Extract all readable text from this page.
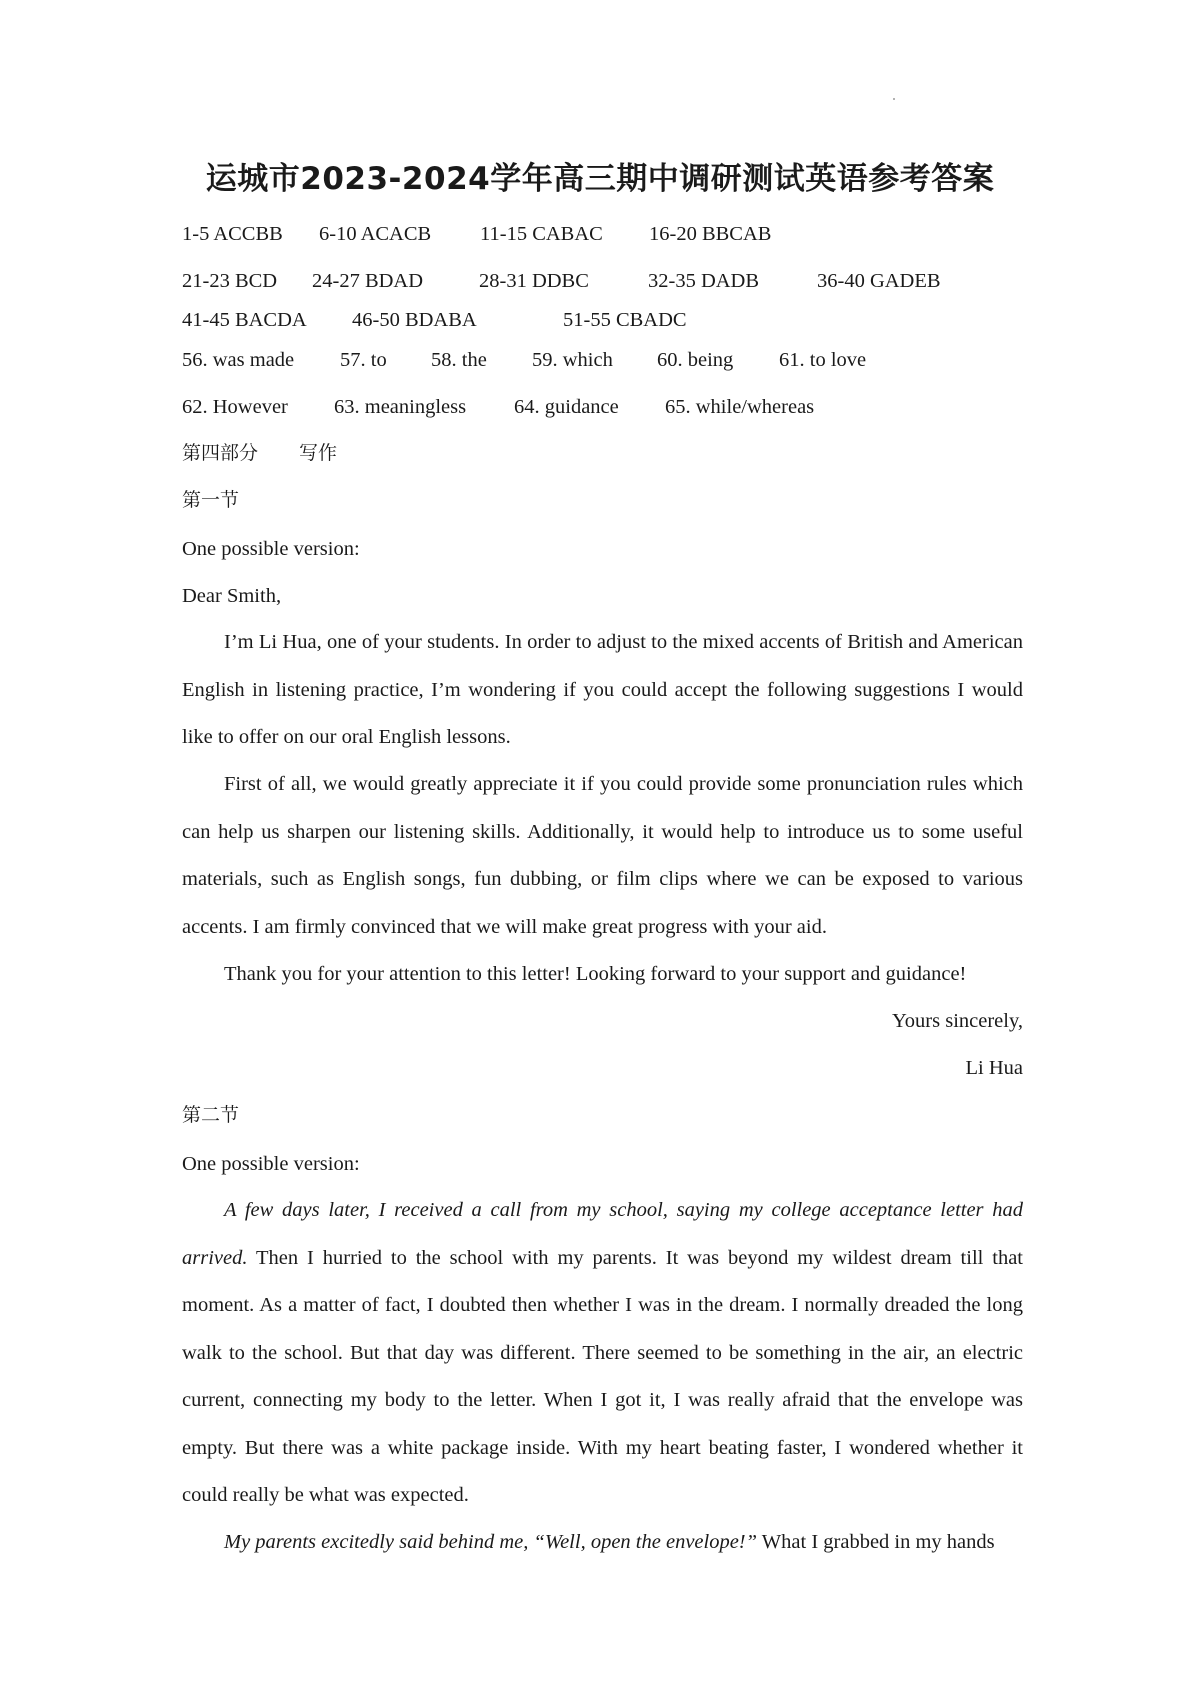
运城市2023-2024学年高三期中调研测试英语参考答案
1-5 ACCBB 6-10 ACACB 11-15 CABAC 16-20 BBCAB
21-23 BCD 24-27 BDAD	28-31 DDBC	32-35 DADB	36-40 GADEB
41-45 BACDA 46-50 BDABA	51-55 CBADC
56. was made 57. to 58. the 59. which 60. being 61. to love
62. However 63. meaningless 64. guidance 65. while/whereas
第四部分 写作
第一节
One possible version:
Dear Smith,
I’m Li Hua, one of your students. In order to adjust to the mixed accents of British and American English in listening practice, I’m wondering if you could accept the following suggestions I would like to offer on our oral English lessons.
First of all, we would greatly appreciate it if you could provide some pronunciation rules which can help us sharpen our listening skills. Additionally, it would help to introduce us to some useful materials, such as English songs, fun dubbing, or film clips where we can be exposed to various accents. I am firmly convinced that we will make great progress with your aid.
Thank you for your attention to this letter! Looking forward to your support and guidance!
Yours sincerely,
Li Hua
第二节
One possible version:
A few days later, I received a call from my school, saying my college acceptance letter had arrived. Then I hurried to the school with my parents. It was beyond my wildest dream till that moment. As a matter of fact, I doubted then whether I was in the dream. I normally dreaded the long walk to the school. But that day was different. There seemed to be something in the air, an electric current, connecting my body to the letter. When I got it, I was really afraid that the envelope was empty. But there was a white package inside. With my heart beating faster, I wondered whether it could really be what was expected.
My parents excitedly said behind me, “Well, open the envelope!” What I grabbed in my hands
